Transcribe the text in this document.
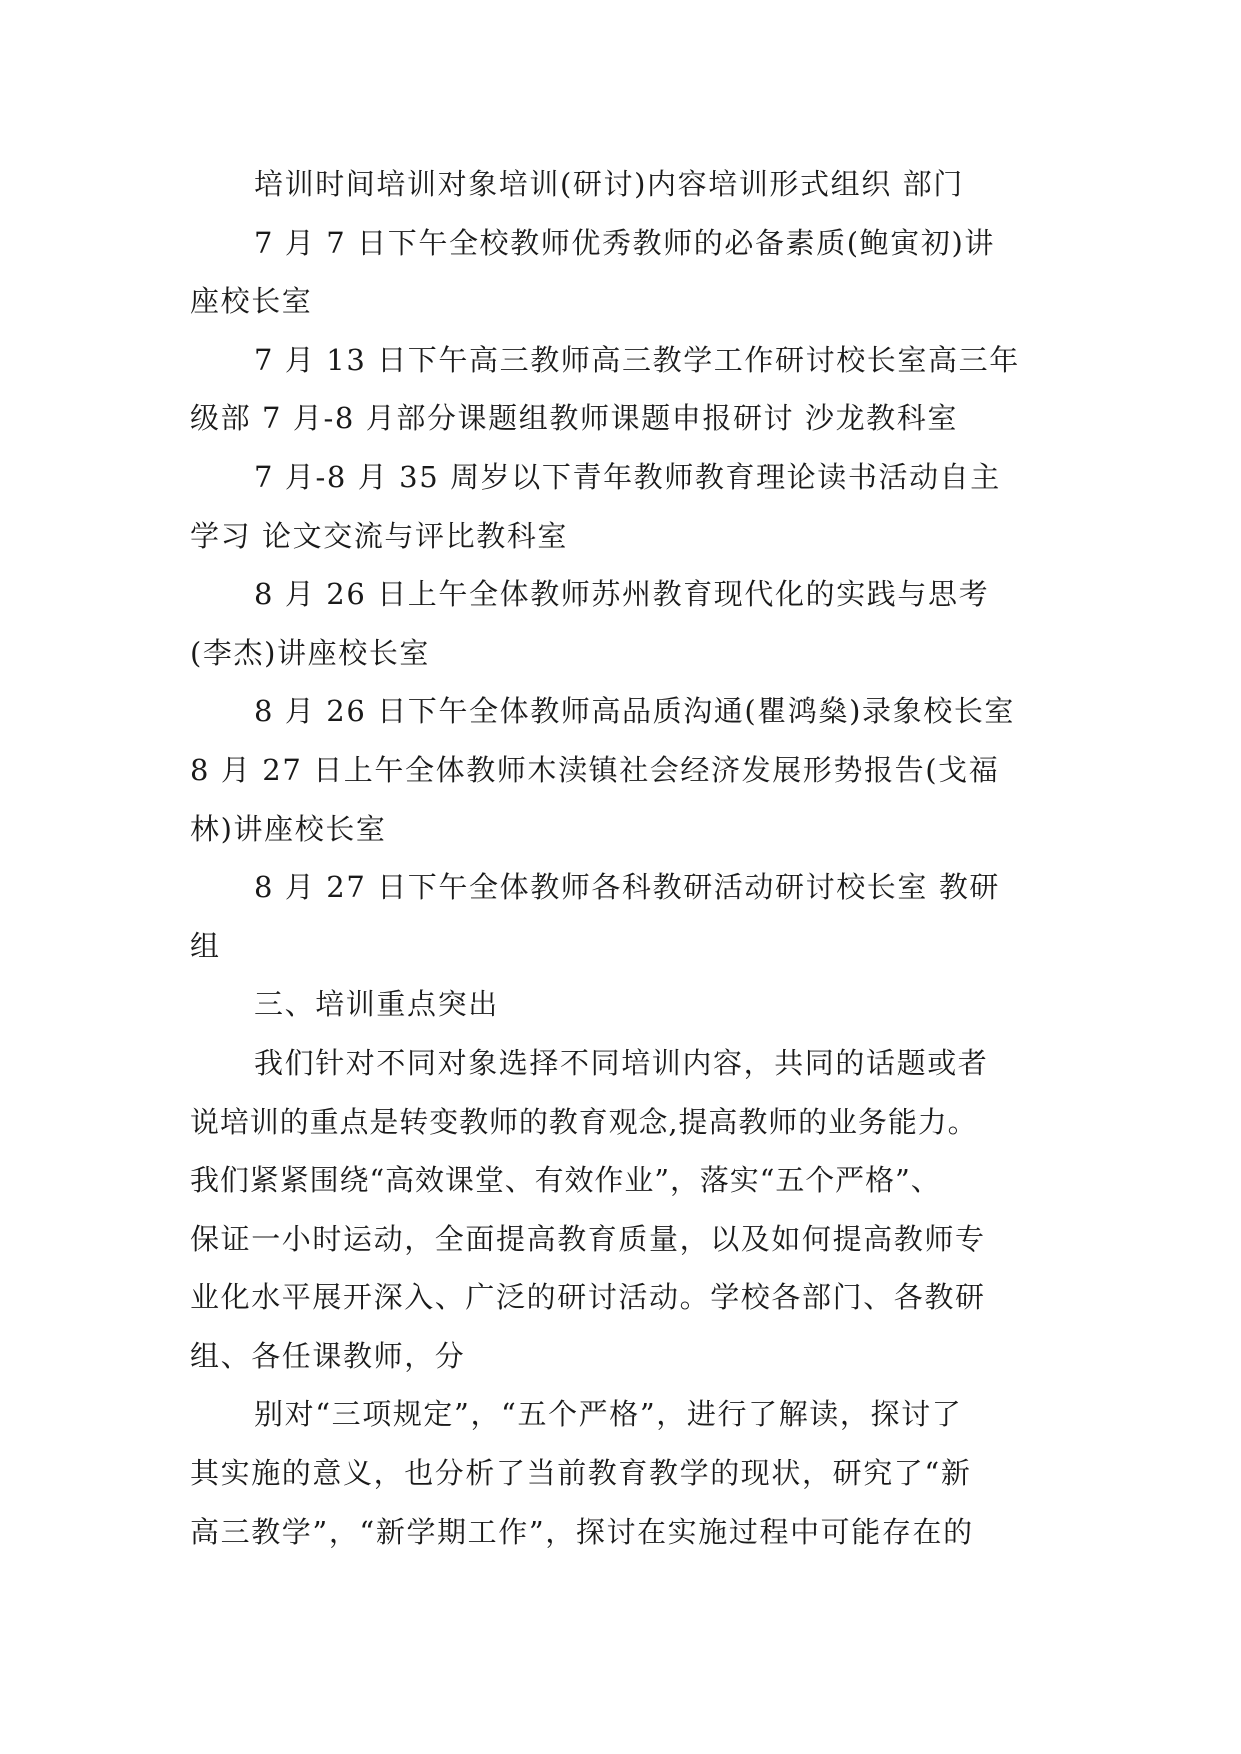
培训时间培训对象培训(研讨)内容培训形式组织 部门
7 月 7 日下午全校教师优秀教师的必备素质(鲍寅初)讲
座校长室
7 月 13 日下午高三教师高三教学工作研讨校长室高三年
级部 7 月-8 月部分课题组教师课题申报研讨 沙龙教科室
7 月-8 月 35 周岁以下青年教师教育理论读书活动自主
学习 论文交流与评比教科室
8 月 26 日上午全体教师苏州教育现代化的实践与思考
(李杰)讲座校长室
8 月 26 日下午全体教师高品质沟通(瞿鸿燊)录象校长室
8 月 27 日上午全体教师木渎镇社会经济发展形势报告(戈福
林)讲座校长室
8 月 27 日下午全体教师各科教研活动研讨校长室 教研
组
三、培训重点突出
我们针对不同对象选择不同培训内容，共同的话题或者
说培训的重点是转变教师的教育观念,提高教师的业务能力。
我们紧紧围绕“高效课堂、有效作业”，落实“五个严格”、
保证一小时运动，全面提高教育质量，以及如何提高教师专
业化水平展开深入、广泛的研讨活动。学校各部门、各教研
组、各任课教师，分
别对“三项规定”，“五个严格”，进行了解读，探讨了
其实施的意义，也分析了当前教育教学的现状，研究了“新
高三教学”，“新学期工作”，探讨在实施过程中可能存在的
